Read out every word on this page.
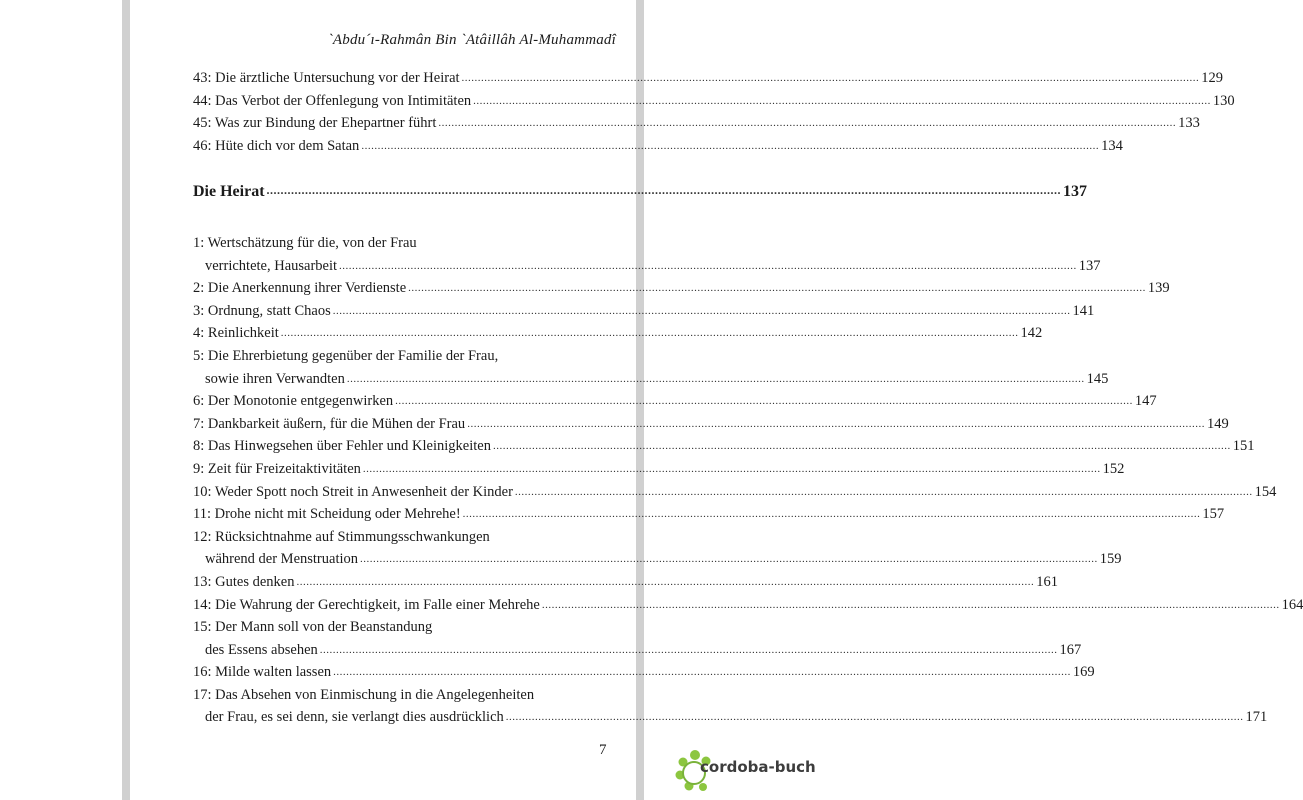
`Abdu´ı-Rahmân Bin `Atâillâh Al-Muhammadî
43: Die ärztliche Untersuchung vor der Heirat .....	129
44: Das Verbot der Offenlegung von Intimitäten .....	130
45: Was zur Bindung der Ehepartner führt .....	133
46: Hüte dich vor dem Satan .....	134
Die Heirat .....	137
1: Wertschätzung für die, von der Frau
verrichtete, Hausarbeit .....	137
2: Die Anerkennung ihrer Verdienste .....	139
3: Ordnung, statt Chaos .....	141
4: Reinlichkeit .....	142
5: Die Ehrerbietung gegenüber der Familie der Frau,
sowie ihren Verwandten .....	145
6: Der Monotonie entgegenwirken .....	147
7: Dankbarkeit äußern, für die Mühen der Frau .....	149
8: Das Hinwegsehen über Fehler und Kleinigkeiten .....	151
9: Zeit für Freizeitaktivitäten .....	152
10: Weder Spott noch Streit in Anwesenheit der Kinder .....	154
11: Drohe nicht mit Scheidung oder Mehrehe! .....	157
12: Rücksichtnahme auf Stimmungsschwankungen
während der Menstruation .....	159
13: Gutes denken .....	161
14: Die Wahrung der Gerechtigkeit, im Falle einer Mehrehe .....	164
15: Der Mann soll von der Beanstandung
des Essens absehen .....	167
16: Milde walten lassen .....	169
17: Das Absehen von Einmischung in die Angelegenheiten
der Frau, es sei denn, sie verlangt dies ausdrücklich .....	171
7
cordoba-buch
